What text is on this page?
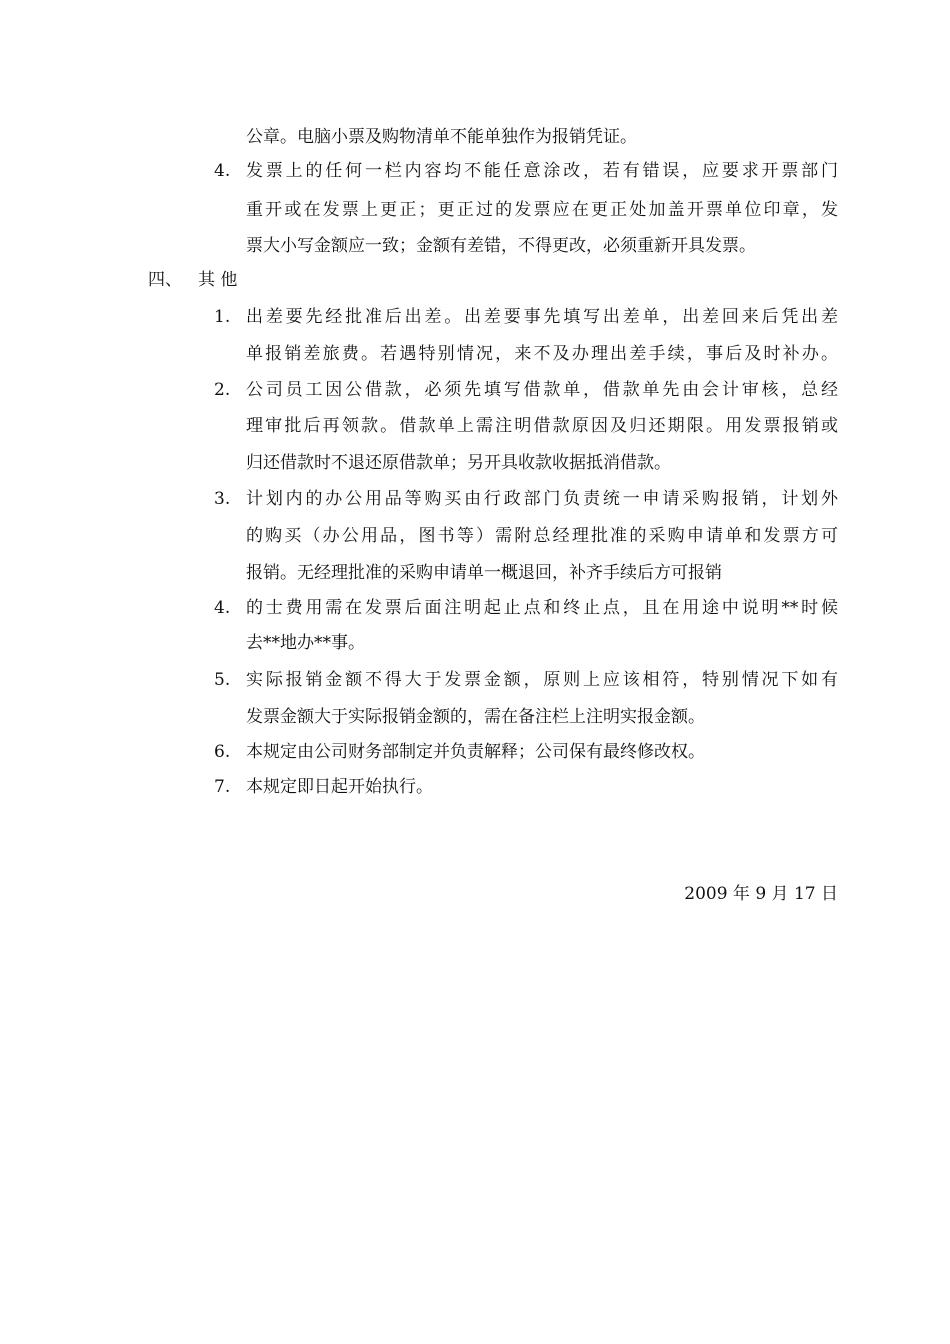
公章。电脑小票及购物清单不能单独作为报销凭证。
4. 发票上的任何一栏内容均不能任意涂改，若有错误，应要求开票部门
重开或在发票上更正；更正过的发票应在更正处加盖开票单位印章，发
票大小写金额应一致；金额有差错，不得更改，必须重新开具发票。
四、 其 他
1. 出差要先经批准后出差。出差要事先填写出差单，出差回来后凭出差
单报销差旅费。若遇特别情况，来不及办理出差手续，事后及时补办。
2. 公司员工因公借款，必须先填写借款单，借款单先由会计审核，总经
理审批后再领款。借款单上需注明借款原因及归还期限。用发票报销或
归还借款时不退还原借款单；另开具收款收据抵消借款。
3. 计划内的办公用品等购买由行政部门负责统一申请采购报销，计划外
的购买（办公用品，图书等）需附总经理批准的采购申请单和发票方可
报销。无经理批准的采购申请单一概退回，补齐手续后方可报销
4. 的士费用需在发票后面注明起止点和终止点，且在用途中说明**时候
去**地办**事。
5. 实际报销金额不得大于发票金额，原则上应该相符，特别情况下如有
发票金额大于实际报销金额的，需在备注栏上注明实报金额。
6. 本规定由公司财务部制定并负责解释；公司保有最终修改权。
7. 本规定即日起开始执行。
2009 年 9 月 17 日
